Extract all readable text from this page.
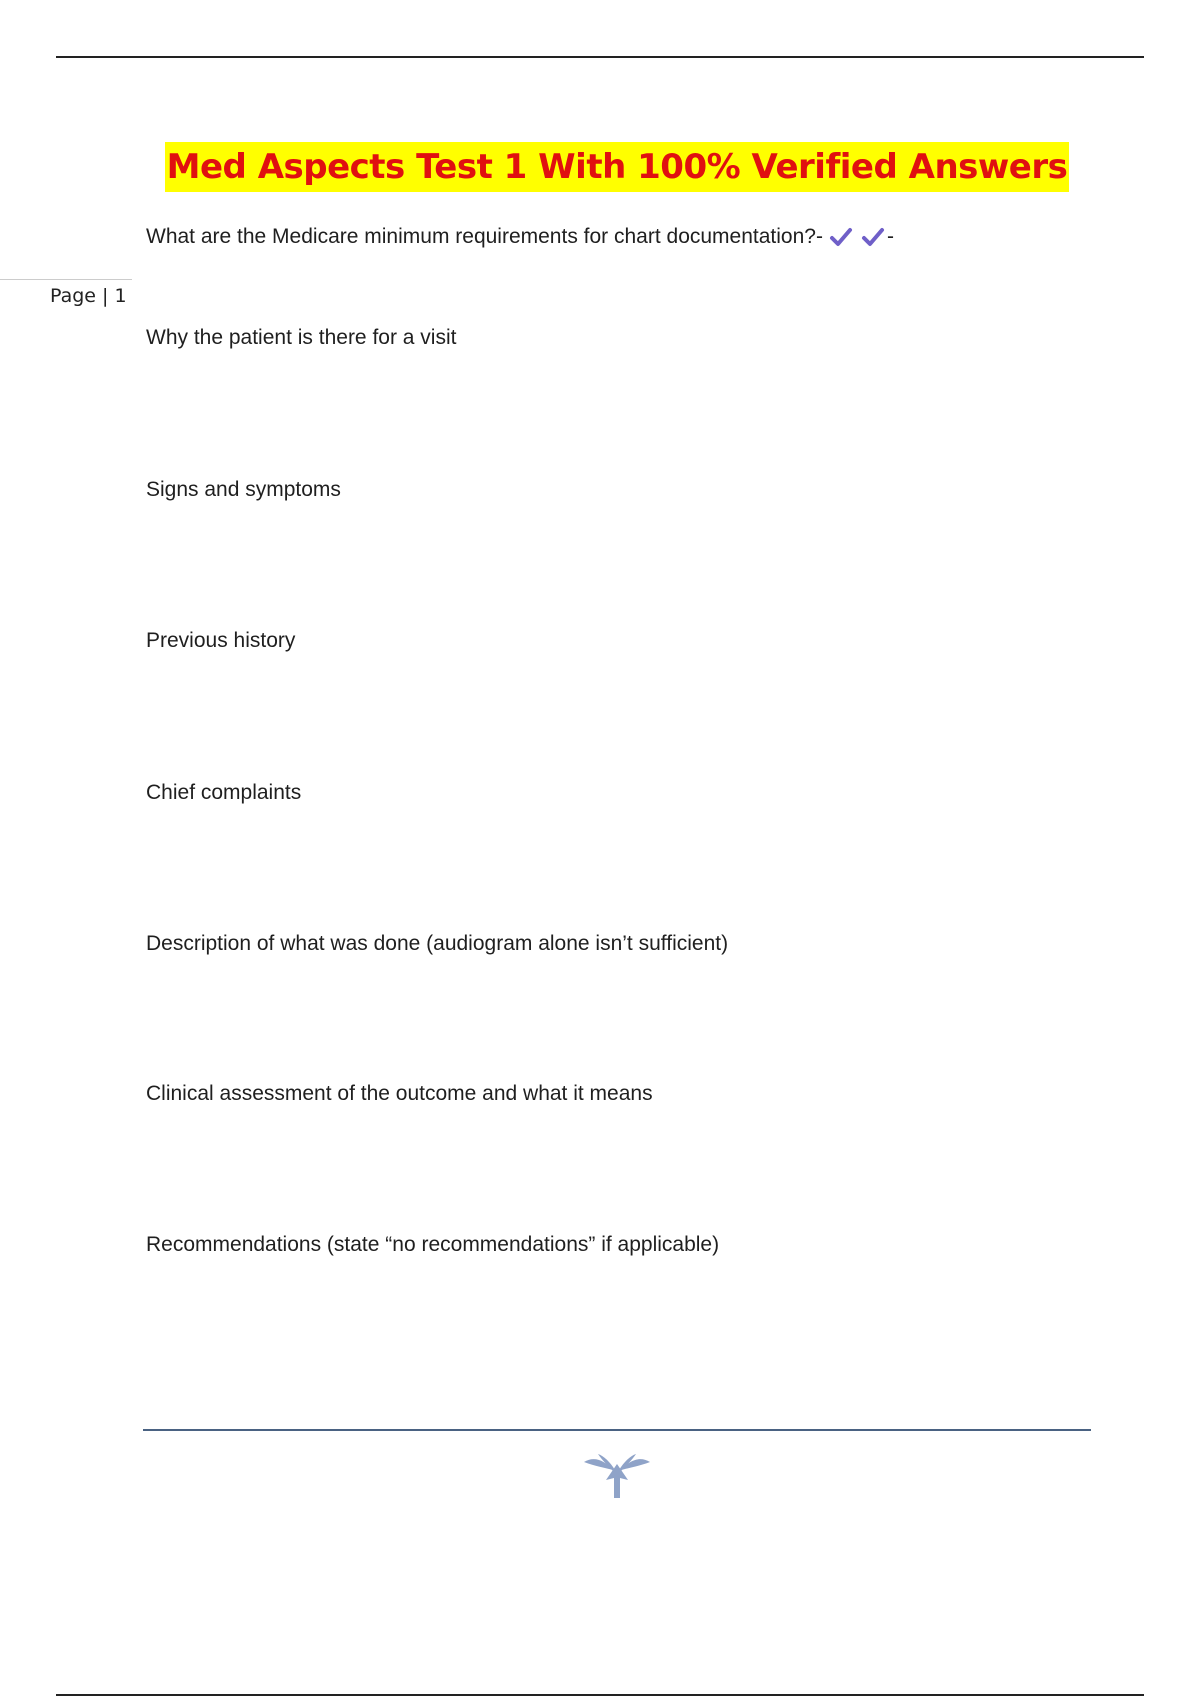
Med Aspects Test 1 With 100% Verified Answers
What are the Medicare minimum requirements for chart documentation?-	-
Page | 1
Why the patient is there for a visit
Signs and symptoms
Previous history
Chief complaints
Description of what was done (audiogram alone isn’t sufficient)
Clinical assessment of the outcome and what it means
Recommendations (state “no recommendations” if applicable)
